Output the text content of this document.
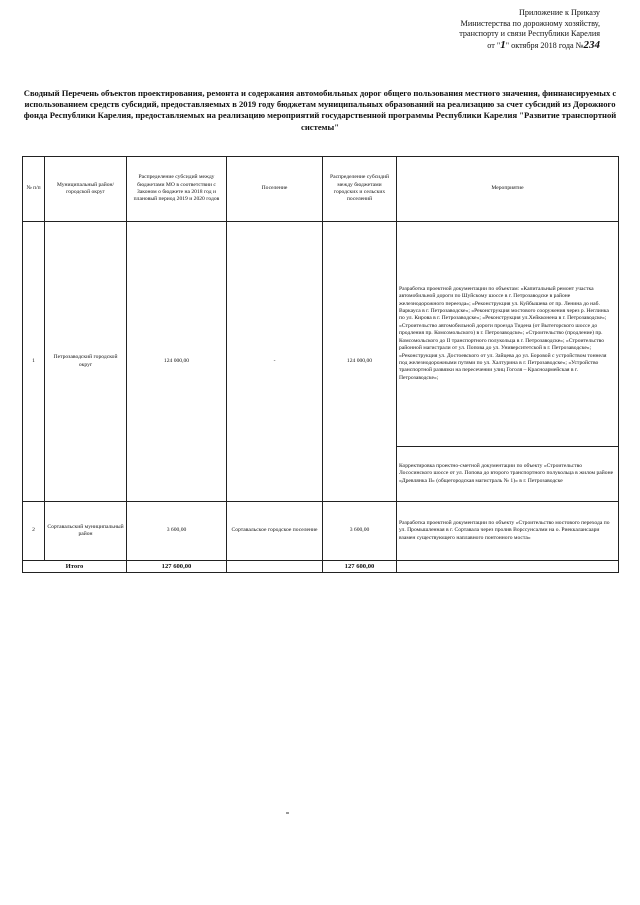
Приложение к Приказу
Министерства по дорожному хозяйству,
транспорту и связи Республики Карелия
от "1" октября 2018 года №234
Сводный Перечень объектов проектирования, ремонта и содержания автомобильных дорог общего пользования местного значения, финнансируемых с использованием средств субсидий, предоставляемых в 2019 году бюджетам муниципальных образований на реализацию за счет субсидий из Дорожного фонда Республики Карелия, предоставляемых на реализацию мероприятий государственной программы Республики Карелия "Развитие транспортной системы"
№ п/п	Муниципальный район/городской округ	Распределение субсидий между бюджетами МО в соответствии с Законом о бюджете на 2018 год и плановый период 2019 и 2020 годов	Поселение	Распределение субсидий между бюджетами городских и сельских поселений	Мероприятие
1	Петрозаводский городской округ	124 000,00	-	124 000,00	Разработка проектной документации по объектам: «Капитальный ремонт участка автомобильной дороги по Шуйскому шоссе в г. Петрозаводске в районе железнодорожного переезда»; «Реконструкция ул. Куйбышева от пр. Ленина до наб. Варкауса в г. Петрозаводске»; «Реконструкция мостового сооружения через р. Неглинка по ул. Кирова в г. Петрозаводске»; «Реконструкция ул.Хейкконена в г. Петрозаводске»; «Строительство автомобильной дороги проезда Тидена (от Вытегорского шоссе до продления пр. Комсомольского) в г. Петрозаводске»; «Строительство (продление) пр. Комсомольского до II транспортного полукольца в г. Петрозаводске»; «Строительство районной магистрали от ул. Попова до ул. Университетской в г. Петрозаводске»; «Реконструкция ул. Достоевского от ул. Зайцева до ул. Боровой с устройством тоннеля под железнодорожными путями по ул. Халтурина в г. Петрозаводске»; «Устройство транспортной развязки на пересечении улиц Гоголя – Красноармейская в г. Петрозаводске»;
					Корректировка проектно-сметной документации по объекту «Строительство Лососинского шоссе от ул. Попова до второго транспортного полукольца в жилом районе «Древлянка II» (общегородская магистраль № 1)» в г. Петрозаводске
2	Сортавальский муниципальный район	3 600,00	Сортавальское городское поселение	3 600,00	Разработка проектной документации по объекту «Строительство мостового перехода по ул. Промышленная в г. Сортавала через пролив Ворссунсалми на о. Риеккалансаари взамен существующего наплавного понтонного моста»
Итого		127 600,00		127 600,00	
